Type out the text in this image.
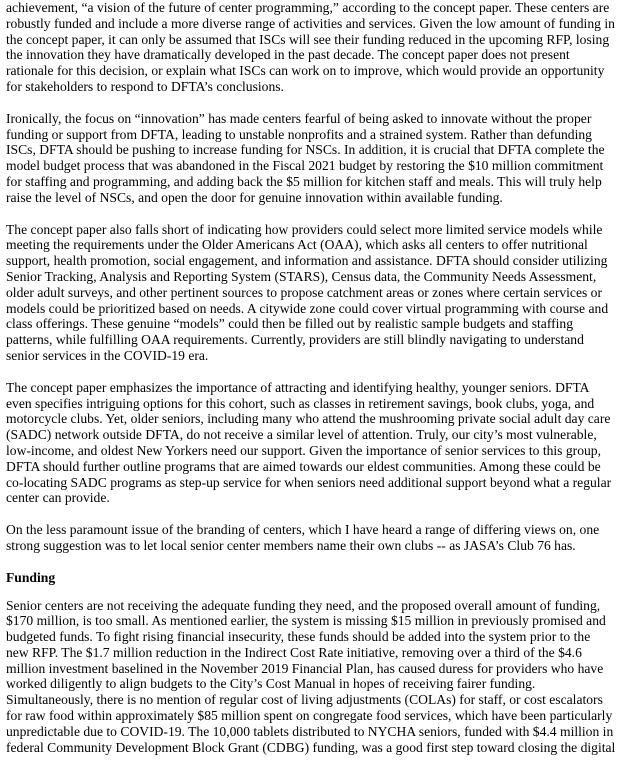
achievement, “a vision of the future of center programming,” according to the concept paper. These centers are
robustly funded and include a more diverse range of activities and services. Given the low amount of funding in
the concept paper, it can only be assumed that ISCs will see their funding reduced in the upcoming RFP, losing
the innovation they have dramatically developed in the past decade. The concept paper does not present
rationale for this decision, or explain what ISCs can work on to improve, which would provide an opportunity
for stakeholders to respond to DFTA’s conclusions.
Ironically, the focus on “innovation” has made centers fearful of being asked to innovate without the proper
funding or support from DFTA, leading to unstable nonprofits and a strained system. Rather than defunding
ISCs, DFTA should be pushing to increase funding for NSCs. In addition, it is crucial that DFTA complete the
model budget process that was abandoned in the Fiscal 2021 budget by restoring the $10 million commitment
for staffing and programming, and adding back the $5 million for kitchen staff and meals. This will truly help
raise the level of NSCs, and open the door for genuine innovation within available funding.
The concept paper also falls short of indicating how providers could select more limited service models while
meeting the requirements under the Older Americans Act (OAA), which asks all centers to offer nutritional
support, health promotion, social engagement, and information and assistance. DFTA should consider utilizing
Senior Tracking, Analysis and Reporting System (STARS), Census data, the Community Needs Assessment,
older adult surveys, and other pertinent sources to propose catchment areas or zones where certain services or
models could be prioritized based on needs. A citywide zone could cover virtual programming with course and
class offerings. These genuine “models” could then be filled out by realistic sample budgets and staffing
patterns, while fulfilling OAA requirements. Currently, providers are still blindly navigating to understand
senior services in the COVID-19 era.
The concept paper emphasizes the importance of attracting and identifying healthy, younger seniors. DFTA
even specifies intriguing options for this cohort, such as classes in retirement savings, book clubs, yoga, and
motorcycle clubs. Yet, older seniors, including many who attend the mushrooming private social adult day care
(SADC) network outside DFTA, do not receive a similar level of attention. Truly, our city’s most vulnerable,
low-income, and oldest New Yorkers need our support. Given the importance of senior services to this group,
DFTA should further outline programs that are aimed towards our eldest communities. Among these could be
co-locating SADC programs as step-up service for when seniors need additional support beyond what a regular
center can provide.
On the less paramount issue of the branding of centers, which I have heard a range of differing views on, one
strong suggestion was to let local senior center members name their own clubs -- as JASA’s Club 76 has.
Funding
Senior centers are not receiving the adequate funding they need, and the proposed overall amount of funding,
$170 million, is too small. As mentioned earlier, the system is missing $15 million in previously promised and
budgeted funds. To fight rising financial insecurity, these funds should be added into the system prior to the
new RFP. The $1.7 million reduction in the Indirect Cost Rate initiative, removing over a third of the $4.6
million investment baselined in the November 2019 Financial Plan, has caused duress for providers who have
worked diligently to align budgets to the City’s Cost Manual in hopes of receiving fairer funding.
Simultaneously, there is no mention of regular cost of living adjustments (COLAs) for staff, or cost escalators
for raw food within approximately $85 million spent on congregate food services, which have been particularly
unpredictable due to COVID-19. The 10,000 tablets distributed to NYCHA seniors, funded with $4.4 million in
federal Community Development Block Grant (CDBG) funding, was a good first step toward closing the digital
